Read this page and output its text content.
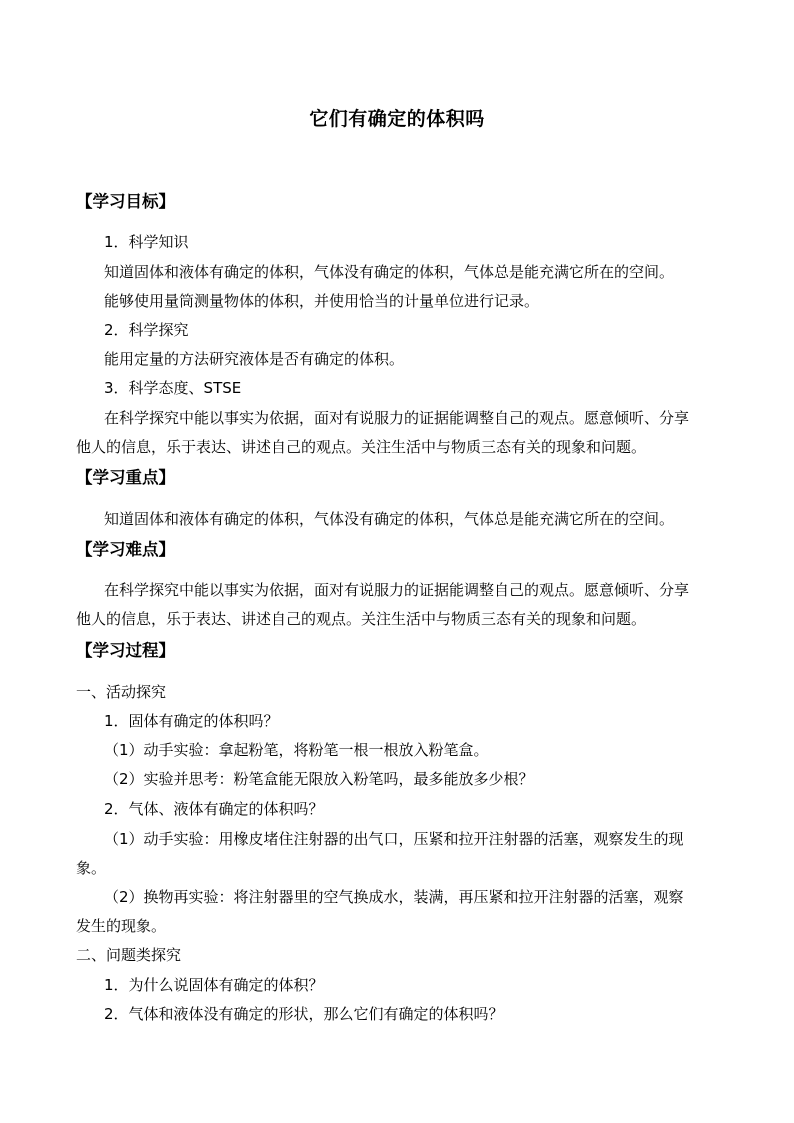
它们有确定的体积吗
【学习目标】
1．科学知识
知道固体和液体有确定的体积，气体没有确定的体积，气体总是能充满它所在的空间。
能够使用量筒测量物体的体积，并使用恰当的计量单位进行记录。
2．科学探究
能用定量的方法研究液体是否有确定的体积。
3．科学态度、STSE
在科学探究中能以事实为依据，面对有说服力的证据能调整自己的观点。愿意倾听、分享
他人的信息，乐于表达、讲述自己的观点。关注生活中与物质三态有关的现象和问题。
【学习重点】
知道固体和液体有确定的体积，气体没有确定的体积，气体总是能充满它所在的空间。
【学习难点】
在科学探究中能以事实为依据，面对有说服力的证据能调整自己的观点。愿意倾听、分享
他人的信息，乐于表达、讲述自己的观点。关注生活中与物质三态有关的现象和问题。
【学习过程】
一、活动探究
1．固体有确定的体积吗？
（1）动手实验：拿起粉笔，将粉笔一根一根放入粉笔盒。
（2）实验并思考：粉笔盒能无限放入粉笔吗，最多能放多少根？
2．气体、液体有确定的体积吗？
（1）动手实验：用橡皮堵住注射器的出气口，压紧和拉开注射器的活塞，观察发生的现
象。
（2）换物再实验：将注射器里的空气换成水，装满，再压紧和拉开注射器的活塞，观察
发生的现象。
二、问题类探究
1．为什么说固体有确定的体积？
2．气体和液体没有确定的形状，那么它们有确定的体积吗？
